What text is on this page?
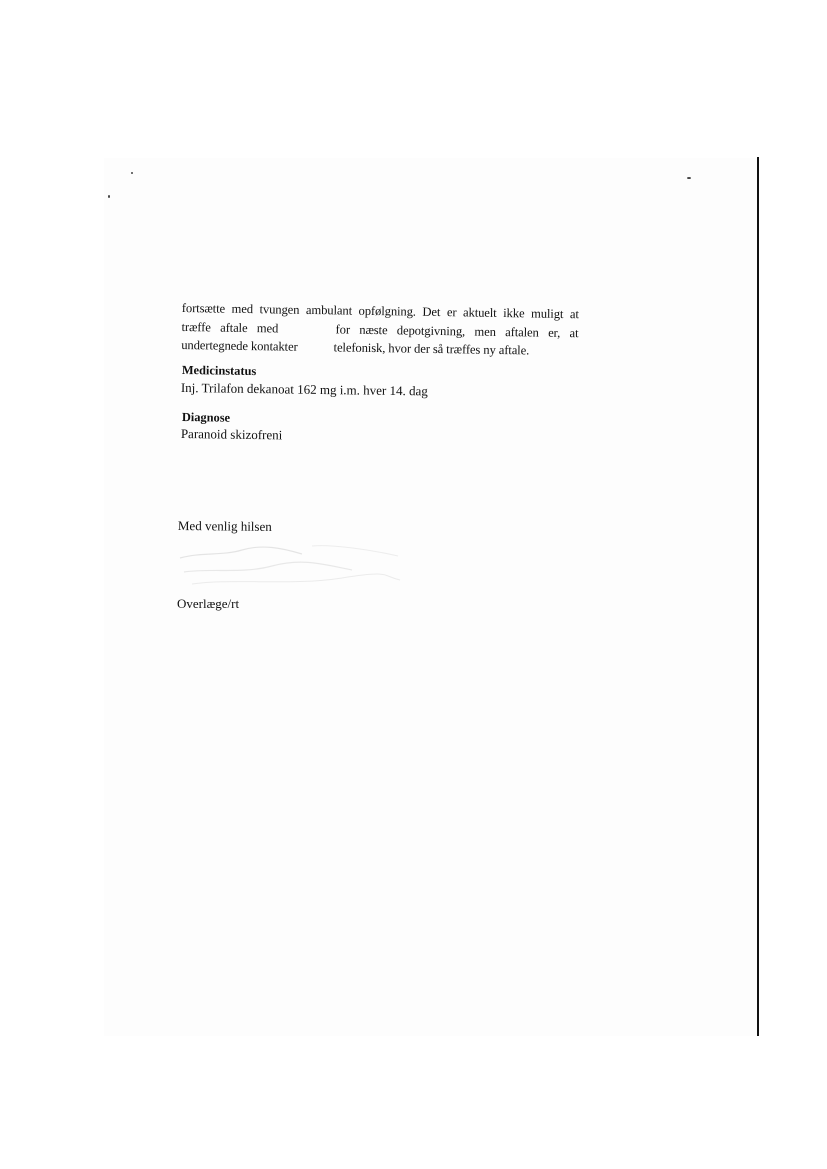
fortsætte med tvungen ambulant opfølgning. Det er aktuelt ikke muligt at
træffe aftale med	for næste depotgivning, men aftalen er, at
undertegnede kontakter	telefonisk, hvor der så træffes ny aftale.
Medicinstatus
Inj. Trilafon dekanoat 162 mg i.m. hver 14. dag
Diagnose
Paranoid skizofreni
Med venlig hilsen
Overlæge/rt
